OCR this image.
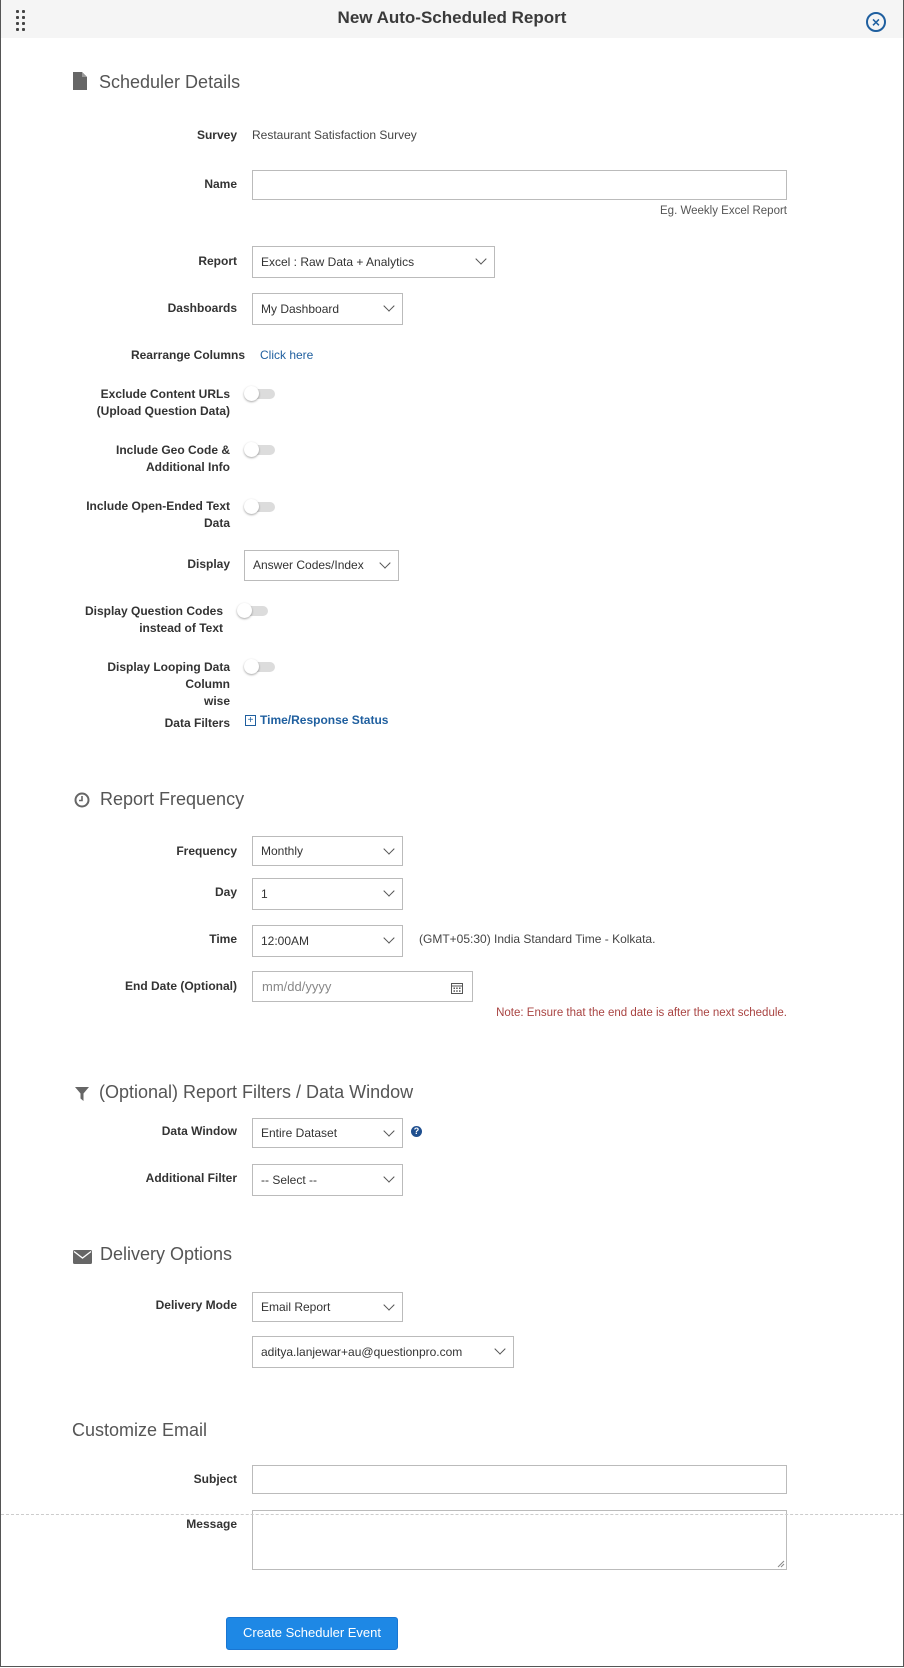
New Auto-Scheduled Report	×
Scheduler Details
Survey Restaurant Satisfaction Survey
Name
Eg. Weekly Excel Report
Report	Excel : Raw Data + Analytics
Dashboards	My Dashboard
Rearrange Columns Click here
Exclude Content URLs
(Upload Question Data)
Include Geo Code &
Additional Info
Include Open-Ended Text
Data
Display	Answer Codes/Index
Display Question Codes
instead of Text
Display Looping Data Column
wise
Data Filters + Time/Response Status
Report Frequency
Frequency	Monthly
Day	1
Time	12:00AM	(GMT+05:30) India Standard Time - Kolkata.
End Date (Optional) mm/dd/yyyy
Note: Ensure that the end date is after the next schedule.
(Optional) Report Filters / Data Window
Data Window	Entire Dataset	?
Additional Filter	-- Select --
Delivery Options
Delivery Mode	Email Report
aditya.lanjewar+au@questionpro.com
Customize Email
Subject
Message
Create Scheduler Event
